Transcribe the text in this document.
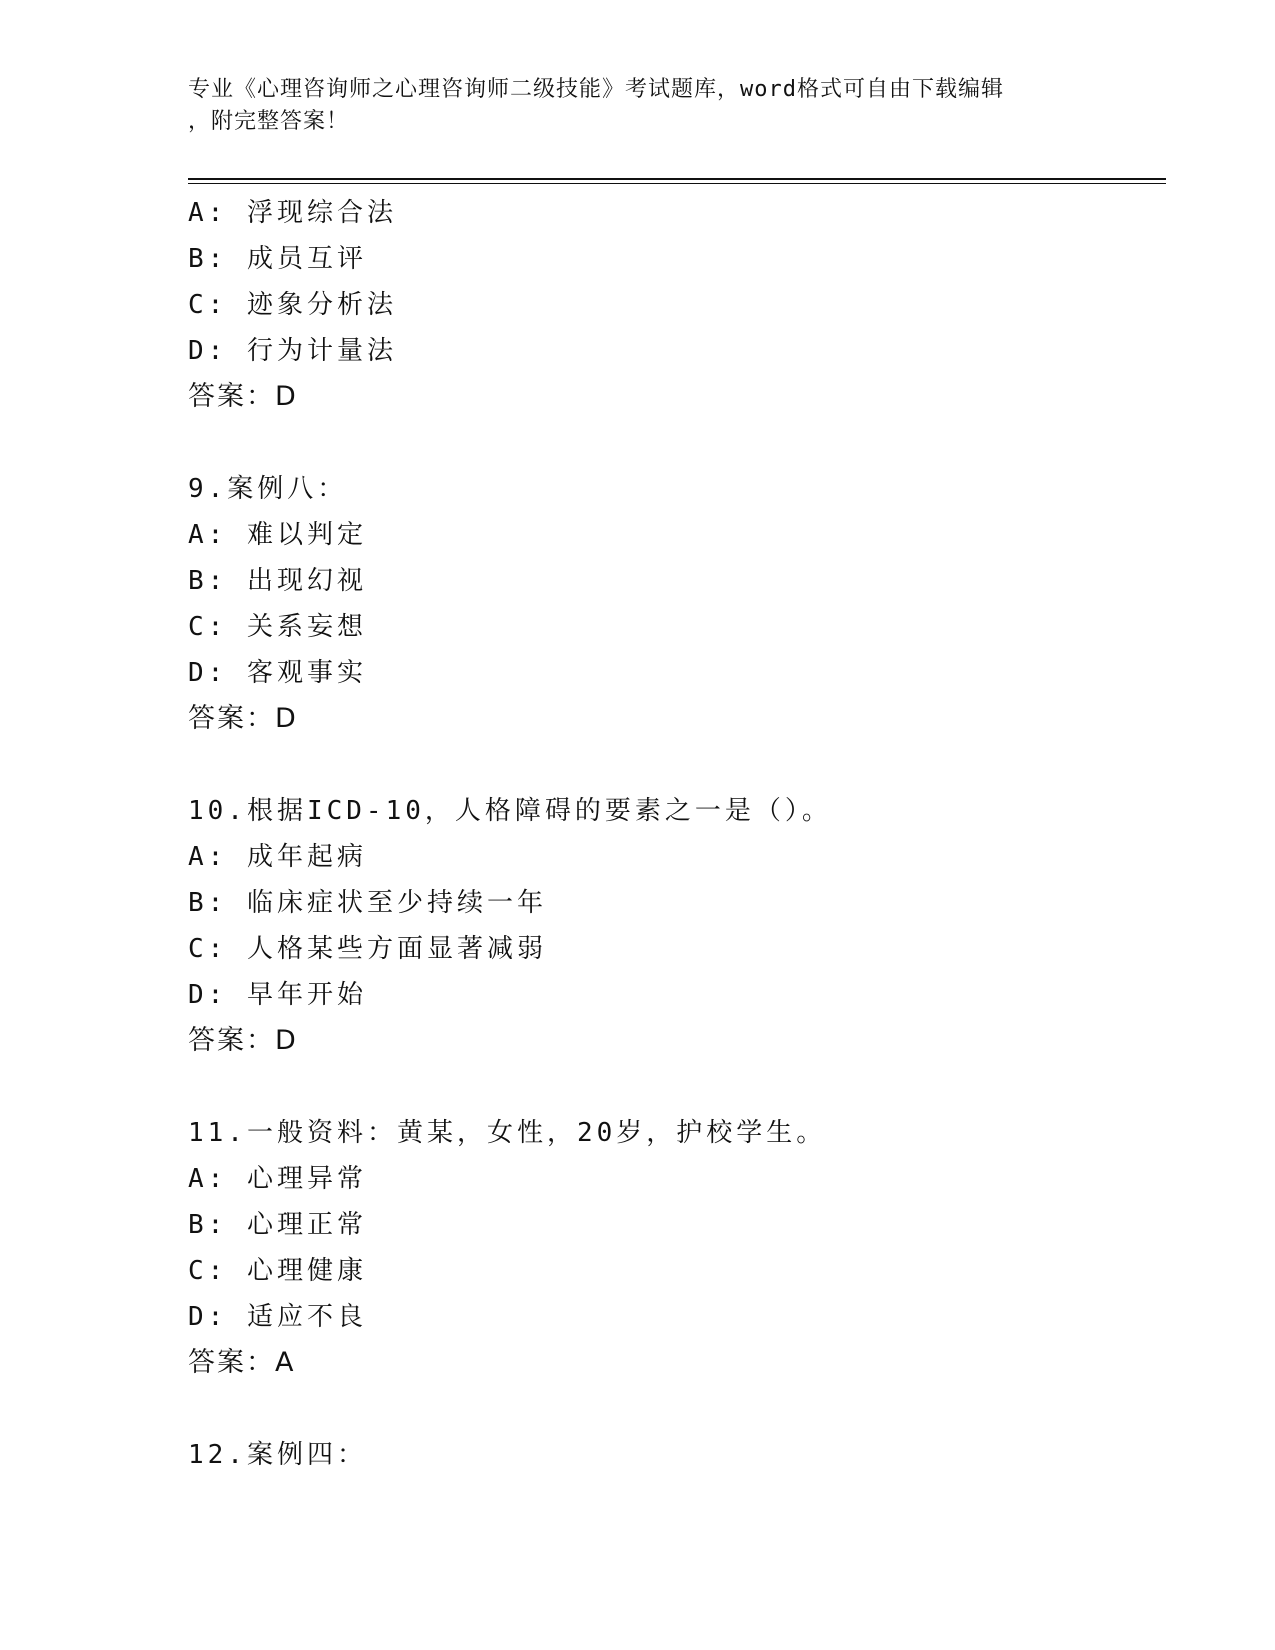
专业《心理咨询师之心理咨询师二级技能》考试题库，word格式可自由下载编辑
，附完整答案！
A: 浮现综合法
B: 成员互评
C: 迹象分析法
D: 行为计量法
答案：D
9.案例八：
A: 难以判定
B: 出现幻视
C: 关系妄想
D: 客观事实
答案：D
10.根据ICD-10，人格障碍的要素之一是（）。
A: 成年起病
B: 临床症状至少持续一年
C: 人格某些方面显著减弱
D: 早年开始
答案：D
11.一般资料：黄某，女性，20岁，护校学生。
A: 心理异常
B: 心理正常
C: 心理健康
D: 适应不良
答案：A
12.案例四：
